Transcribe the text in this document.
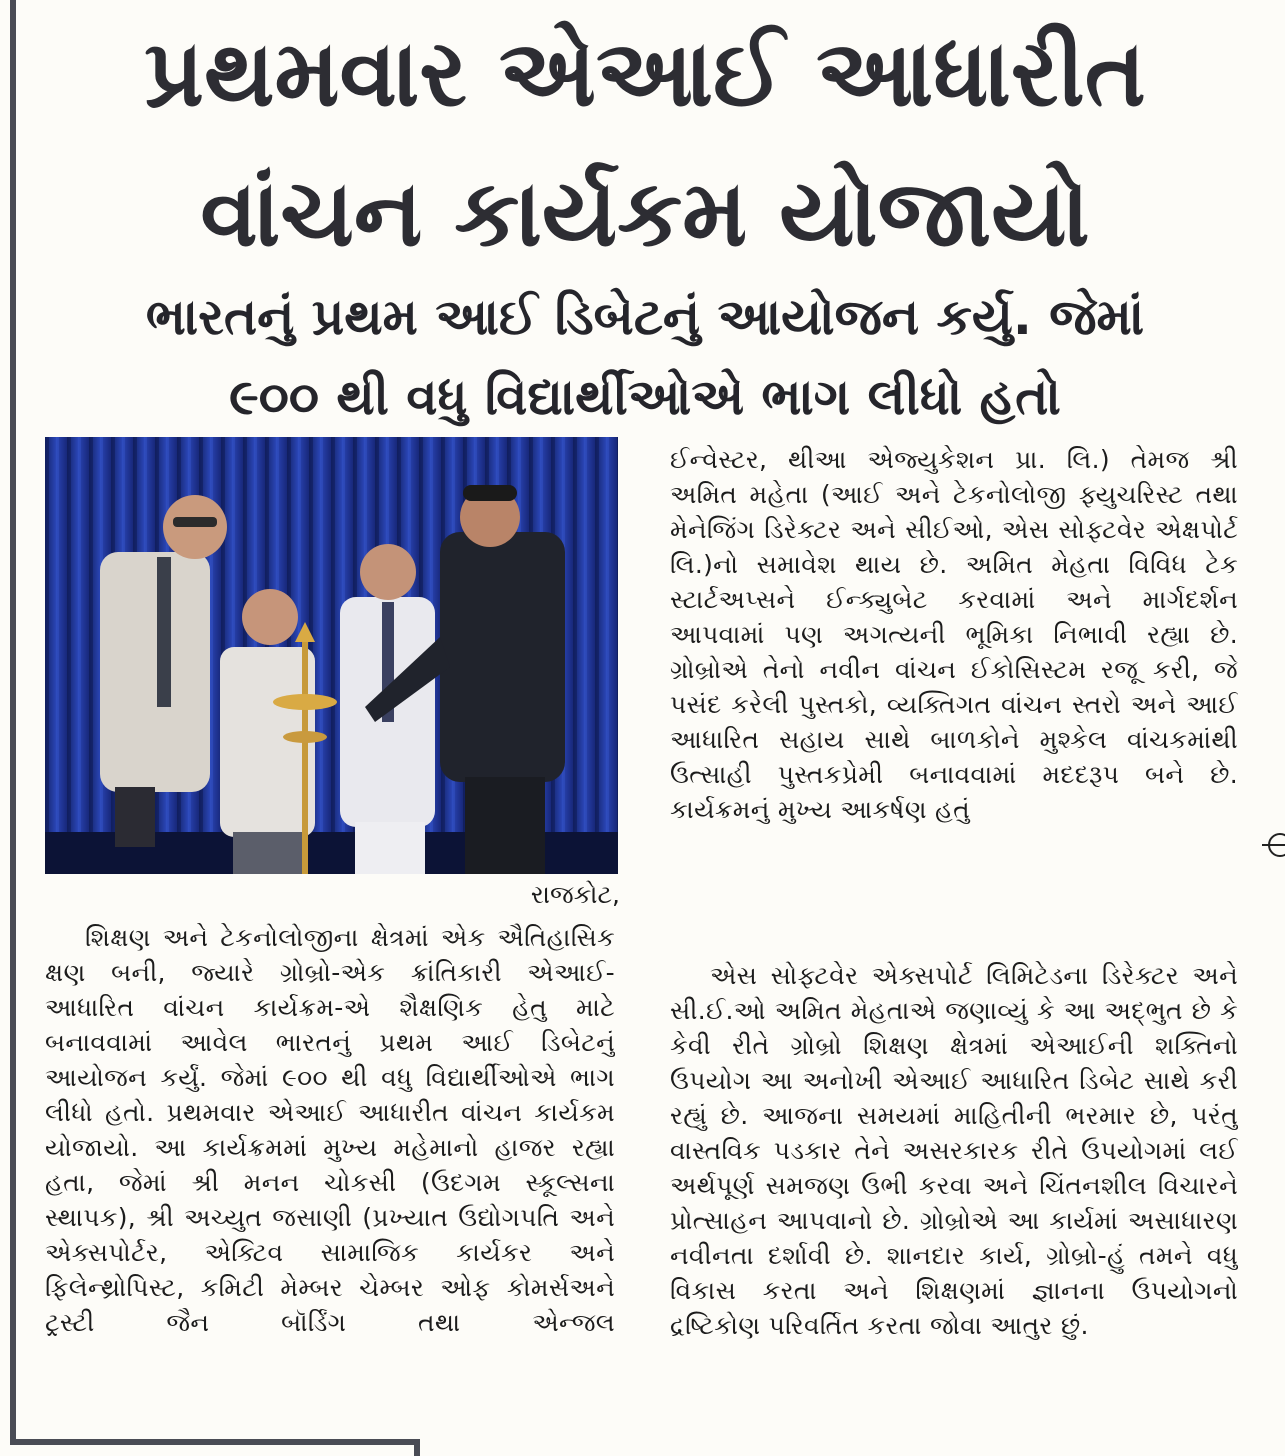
પ્રથમવાર એઆઈ આધારીત
વાંચન કાર્યકમ યોજાયો
ભારતનું પ્રથમ આઈ ડિબેટનું આયોજન કર્યુ. જેમાં
૯૦૦ થી વધુ વિદ્યાર્થીઓએ ભાગ લીધો હતો

રાજકોટ,

શિક્ષણ અને ટેકનોલોજીના ક્ષેત્રમાં એક ઐતિહાસિક ક્ષણ બની, જ્યારે ગ્રોબ્રો-એક ક્રાંતિકારી એઆઈ-આધારિત વાંચન કાર્યક્રમ-એ શૈક્ષણિક હેતુ માટે બનાવવામાં આવેલ ભારતનું પ્રથમ આઈ ડિબેટનું આયોજન કર્યું. જેમાં ૯૦૦ થી વધુ વિદ્યાર્થીઓએ ભાગ લીધો હતો. પ્રથમવાર એઆઈ આધારીત વાંચન કાર્યકમ યોજાયો. આ કાર્યક્રમમાં મુખ્ય મહેમાનો હાજર રહ્યા હતા, જેમાં શ્રી મનન ચોકસી (ઉદગમ સ્કૂલ્સના સ્થાપક), શ્રી અચ્યુત જસાણી (પ્રખ્યાત ઉદ્યોગપતિ અને એક્સપોર્ટર, એક્ટિવ સામાજિક કાર્યકર અને ફિલેન્થ્રોપિસ્ટ, કમિટી મેમ્બર ચેમ્બર ઓફ કોમર્સઅને ટ્રસ્ટી જૈન બૉર્ડિંગ તથા એન્જલ

ઈન્વેસ્ટર, થીઆ એજ્યુકેશન પ્રા. લિ.) તેમજ શ્રી અમિત મહેતા (આઈ અને ટેકનોલોજી ફ્યુચરિસ્ટ તથા મેનેજિંગ ડિરેક્ટર અને સીઈઓ, એસ સોફ્ટવેર એક્ષપોર્ટ લિ.)નો સમાવેશ થાય છે. અમિત મેહતા વિવિધ ટેક સ્ટાર્ટઅપ્સને ઈન્ક્યુબેટ કરવામાં અને માર્ગદર્શન આપવામાં પણ અગત્યની ભૂમિકા નિભાવી રહ્યા છે. ગ્રોબ્રોએ તેનો નવીન વાંચન ઈકોસિસ્ટમ રજૂ કરી, જે પસંદ કરેલી પુસ્તકો, વ્યક્તિગત વાંચન સ્તરો અને આઈ આધારિત સહાય સાથે બાળકોને મુશ્કેલ વાંચકમાંથી ઉત્સાહી પુસ્તકપ્રેમી બનાવવામાં મદદરૂપ બને છે. કાર્યક્રમનું મુખ્ય આકર્ષણ હતું

એસ સોફ્ટવેર એક્સપોર્ટ લિમિટેડના ડિરેક્ટર અને સી.ઈ.ઓ અમિત મેહતાએ જણાવ્યું કે આ અદ્ભુત છે કે કેવી રીતે ગ્રોબ્રો શિક્ષણ ક્ષેત્રમાં એઆઈની શક્તિનો ઉપયોગ આ અનોખી એઆઈ આધારિત ડિબેટ સાથે કરી રહ્યું છે. આજના સમયમાં માહિતીની ભરમાર છે, પરંતુ વાસ્તવિક પડકાર તેને અસરકારક રીતે ઉપયોગમાં લઈ અર્થપૂર્ણ સમજણ ઉભી કરવા અને ચિંતનશીલ વિચારને પ્રોત્સાહન આપવાનો છે. ગ્રોબ્રોએ આ કાર્યમાં અસાધારણ નવીનતા દર્શાવી છે. શાનદાર કાર્ય, ગ્રોબ્રો-હું તમને વધુ વિકાસ કરતા અને શિક્ષણમાં જ્ઞાનના ઉપયોગનો દ્રષ્ટિકોણ પરિવર્તિત કરતા જોવા આતુર છું.
